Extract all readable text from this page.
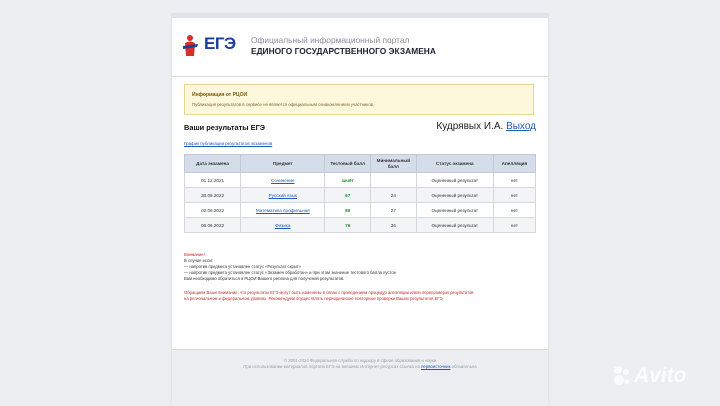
ЕГЭ Официальный информационный портал
ЕДИНОГО ГОСУДАРСТВЕННОГО ЭКЗАМЕНА
Информация от РЦОИ
Публикация результатов в сервисе не является официальным ознакомлением участников.
Ваши результаты ЕГЭ	Кудрявых И.А. Выход
График публикации результатов экзаменов
Дата экзамена	Предмет	Тестовый балл	Минимальный балл	Статус экзамена	Апелляция
01.12.2021	Сочинение	зачёт		Оцененный результат	нет
30.05.2022	Русский язык	67	24	Оцененный результат	нет
02.06.2022	Математика профильная	86	27	Оцененный результат	нет
06.06.2022	Физика	76	36	Оцененный результат	нет
Внимание!
В случае если:
— напротив предмета установлен статус «Результат скрыт»
— напротив предмета установлен статус «Экзамен обработан» и при этом значение тестового балла пустое
Вам необходимо обратиться в РЦОИ Вашего региона для получения результатов.
Обращаем Ваше внимание, что результаты ЕГЭ могут быть изменены в связи с проведением процедур апелляции и/или перепроверок результатов
на региональном и федеральном уровнях. Рекомендуем осуществлять периодические повторные проверки Ваших результатов ЕГЭ.
© 2001-2024 Федеральная служба по надзору в сфере образования и науки
При использовании материалов портала ЕГЭ на внешних Интернет-ресурсах ссылка на первоисточник обязательна	Avito
